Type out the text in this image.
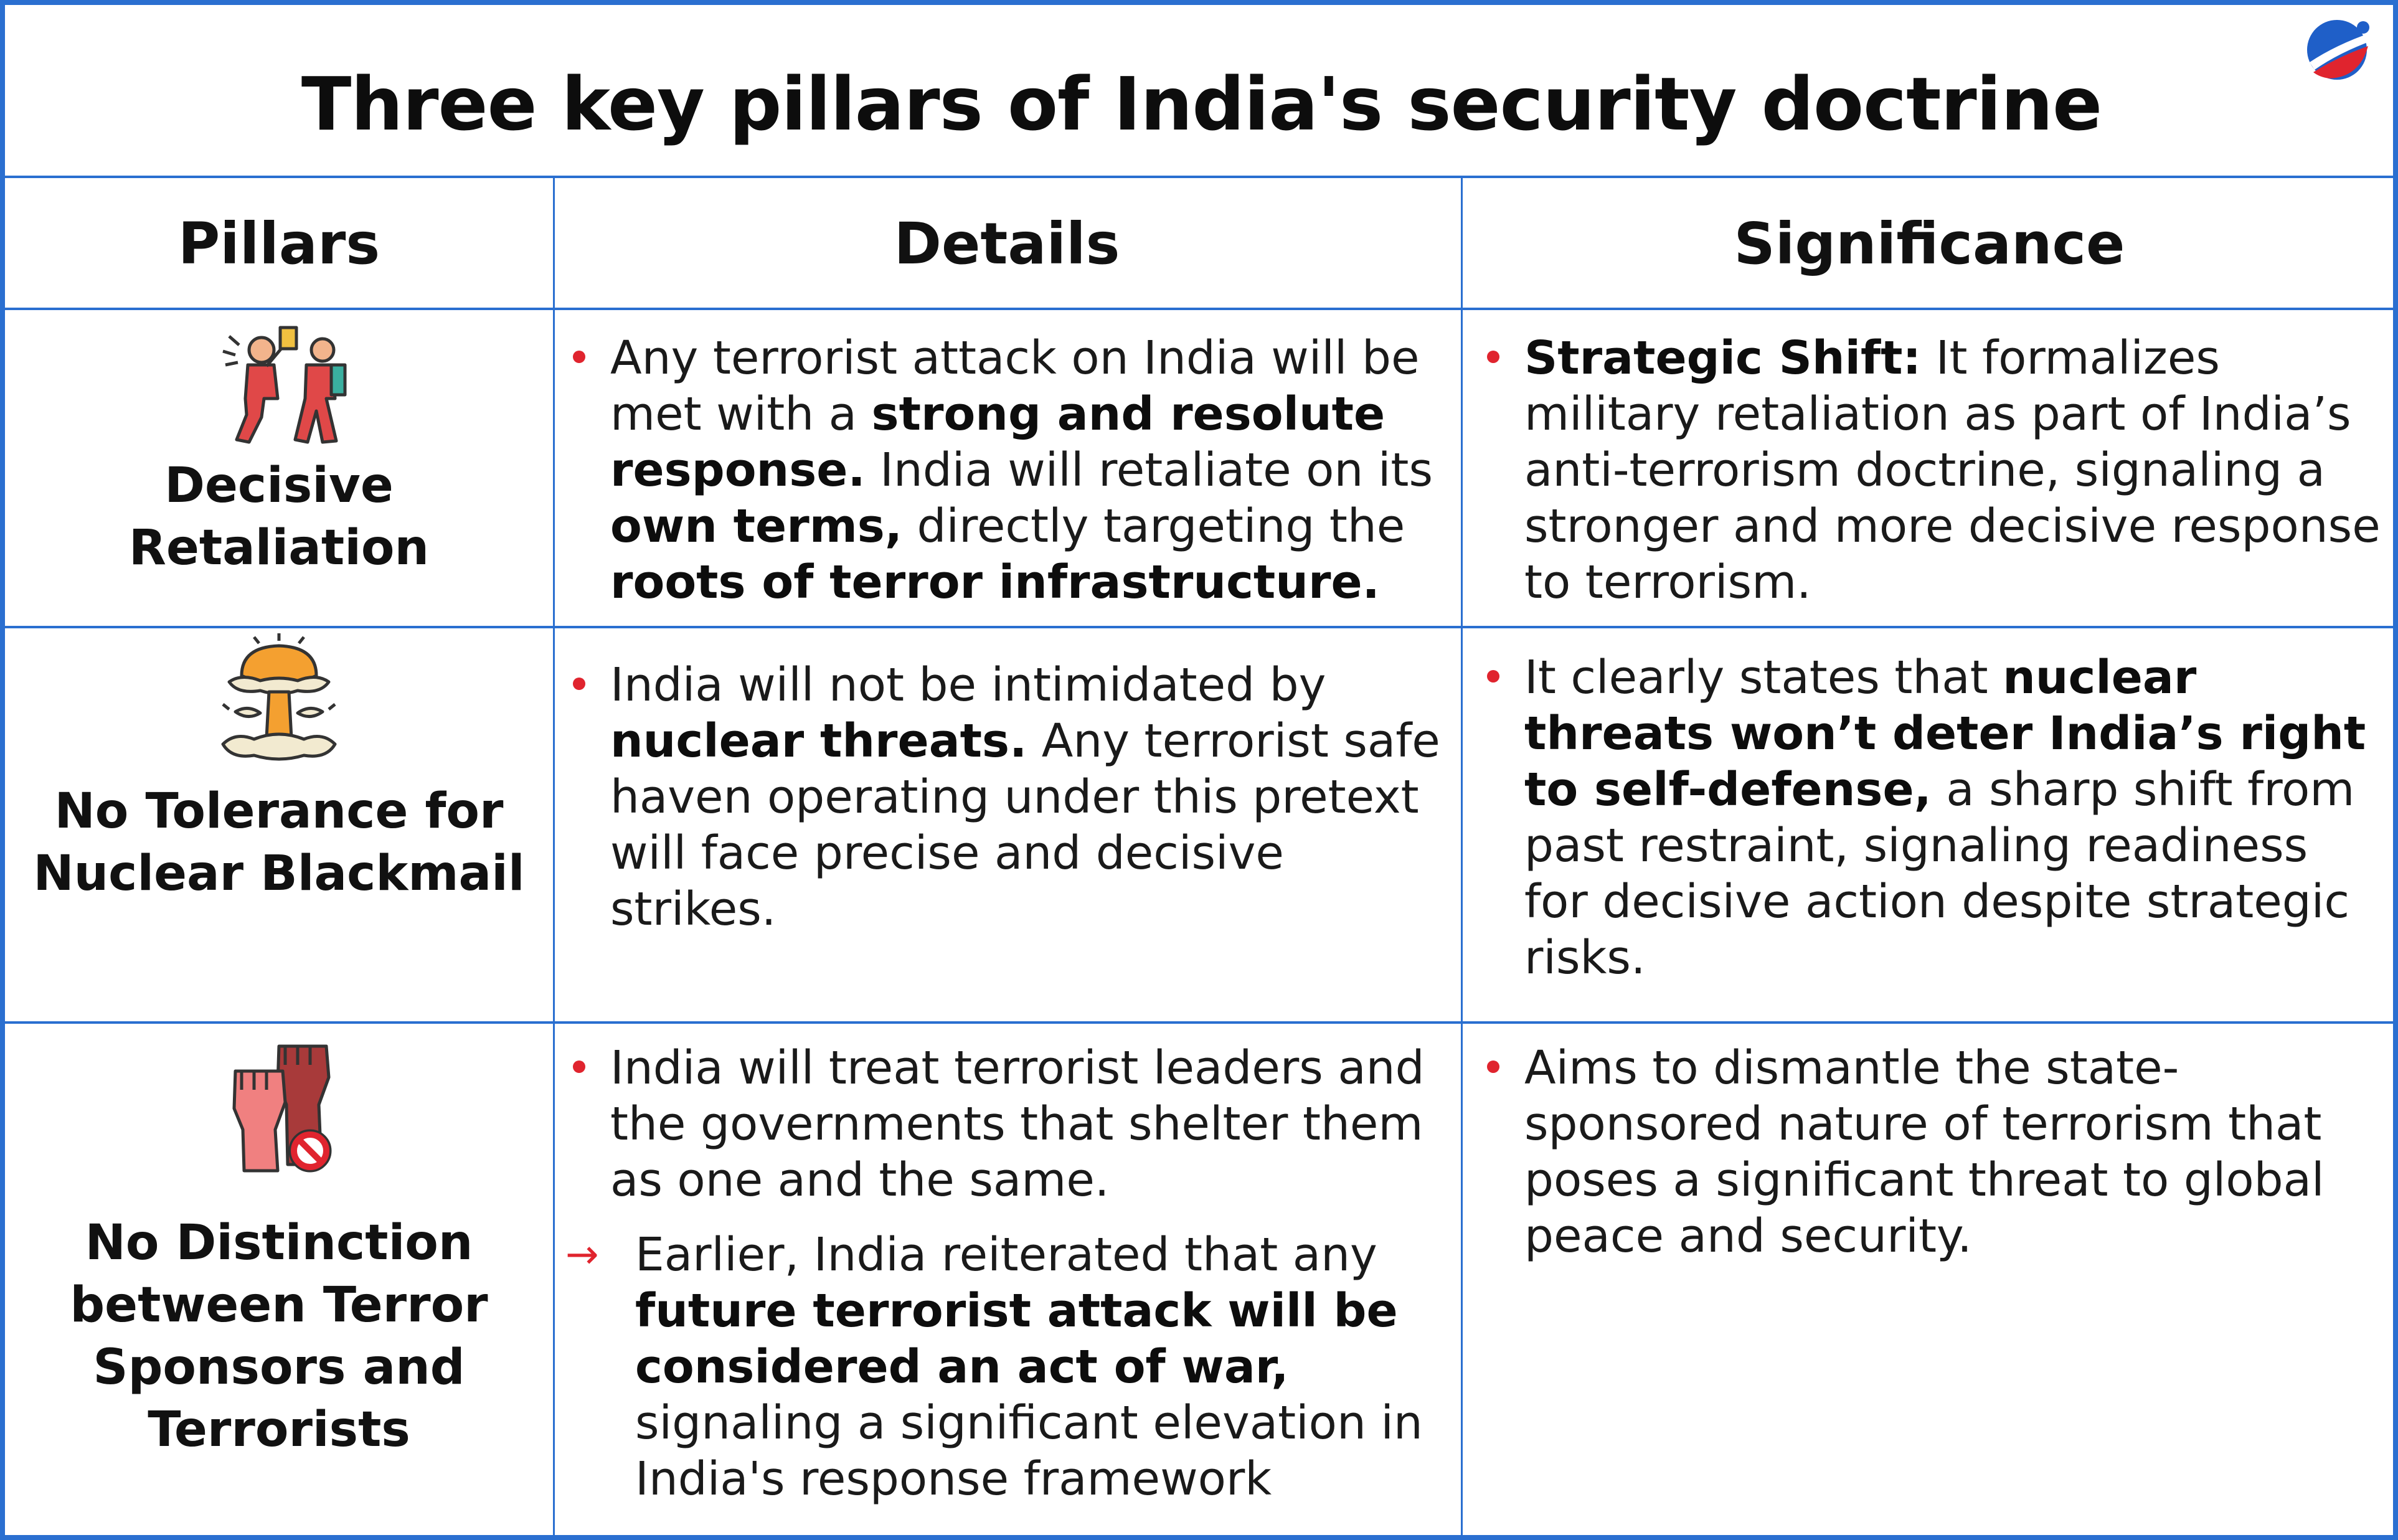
Three key pillars of India's security doctrine
Pillars	Details	Significance
Decisive Retaliation

Any terrorist attack on India will be met with a strong and resolute response. India will retaliate on its own terms, directly targeting the roots of terror infrastructure.

Strategic Shift: It formalizes military retaliation as part of India’s anti-terrorism doctrine, signaling a stronger and more decisive response to terrorism.

No Tolerance for Nuclear Blackmail

India will not be intimidated by nuclear threats. Any terrorist safe haven operating under this pretext will face precise and decisive strikes.

It clearly states that nuclear threats won’t deter India’s right to self-defense, a sharp shift from past restraint, signaling readiness for decisive action despite strategic risks.

No Distinction between Terror Sponsors and Terrorists

India will treat terrorist leaders and the governments that shelter them as one and the same.

→ Earlier, India reiterated that any future terrorist attack will be considered an act of war, signaling a significant elevation in India's response framework

Aims to dismantle the state-sponsored nature of terrorism that poses a significant threat to global peace and security.
